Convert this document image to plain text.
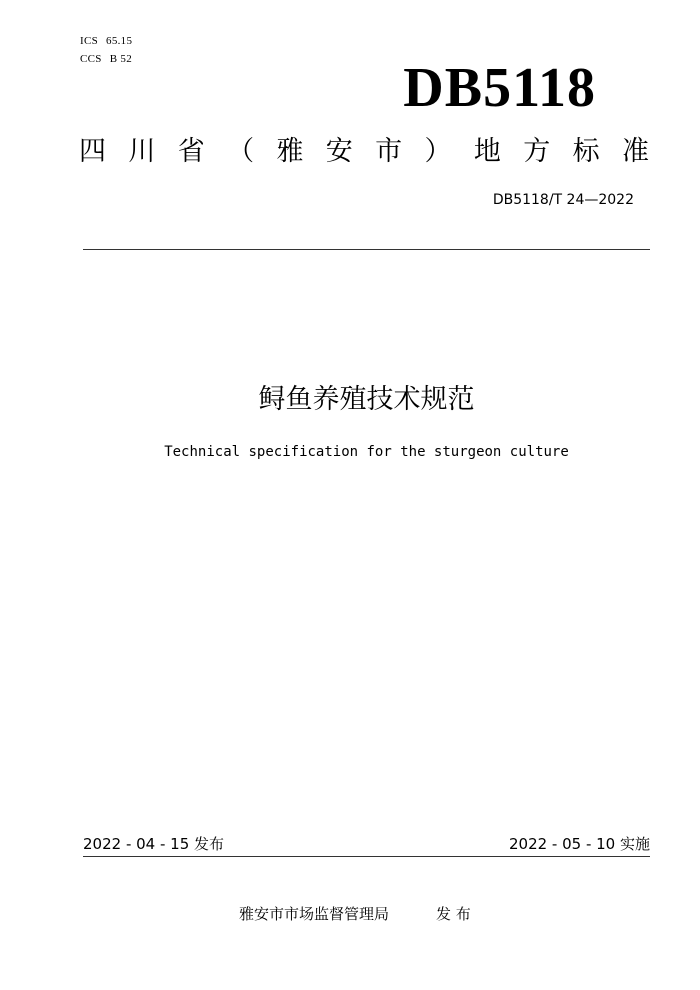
ICS 65.15
CCS B 52	DB5118
四 川 省 （ 雅 安 市 ） 地 方 标 准
DB5118/T 24—2022
鲟鱼养殖技术规范
Technical specification for the sturgeon culture
2022 - 04 - 15 发布	2022 - 05 - 10 实施
雅安市市场监督管理局	发 布
